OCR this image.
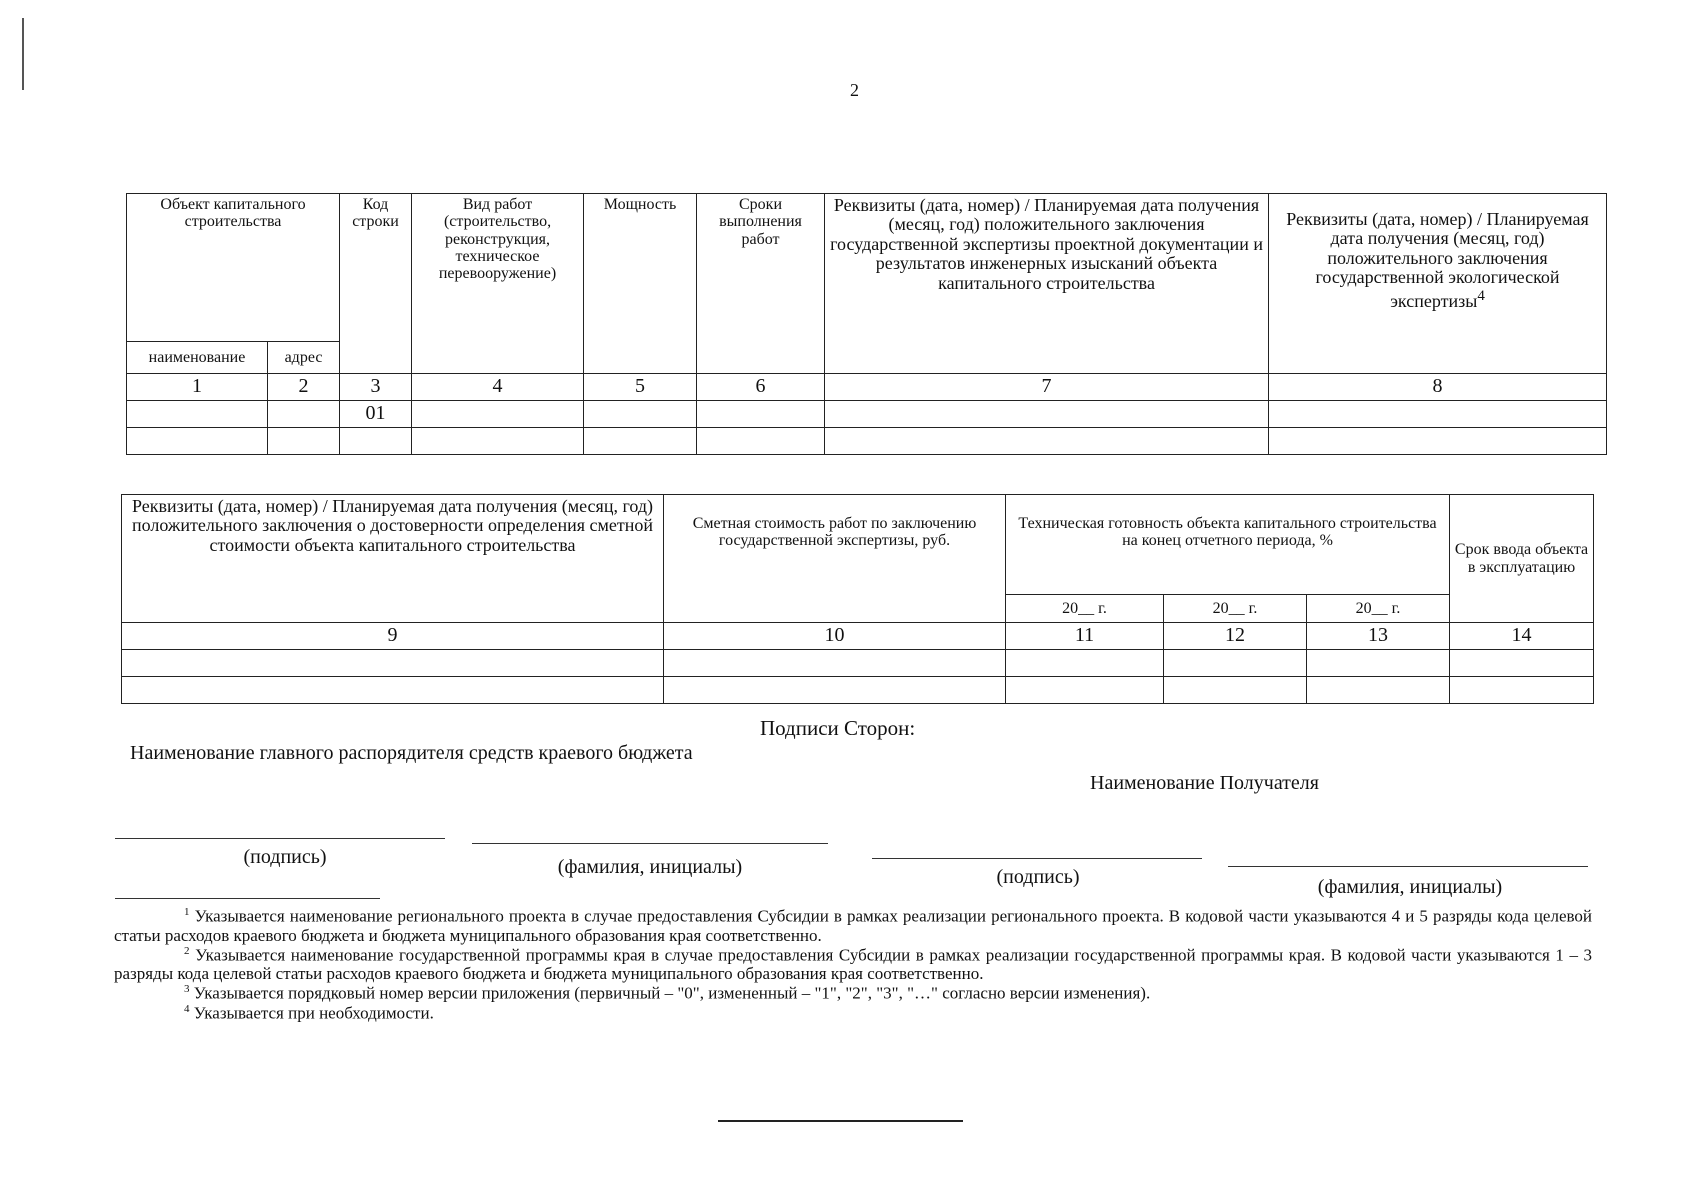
2
Объект капитального строительства		Код строки	Вид работ (строительство, реконструкция, техническое перевооружение)	Мощность	Сроки выполнения работ	Реквизиты (дата, номер) / Планируемая дата получения (месяц, год) положительного заключения государственной экспертизы проектной документации и результатов инженерных изысканий объекта капитального строительства	Реквизиты (дата, номер) / Планируемая дата получения (месяц, год) положительного заключения государственной экологической экспертизы$^4$
наименование	адрес						
1	2	3	4	5	6	7	8
		01					

Реквизиты (дата, номер) / Планируемая дата получения (месяц, год) положительного заключения о достоверности определения сметной стоимости объекта капитального строительства	Сметная стоимость работ по заключению государственной экспертизы, руб.	Техническая готовность объекта капитального строительства на конец отчетного периода, %			Срок ввода объекта в эксплуатацию
		20__ г.	20__ г.	20__ г.	
9	10	11	12	13	14

Подписи Сторон:
Наименование главного распорядителя средств краевого бюджета
Наименование Получателя
(подпись)	(фамилия, инициалы)	(подпись)	(фамилия, инициалы)

$^1$ Указывается наименование регионального проекта в случае предоставления Субсидии в рамках реализации регионального проекта. В кодовой части указываются 4 и 5 разряды кода целевой статьи расходов краевого бюджета и бюджета муниципального образования края соответственно.

$^2$ Указывается наименование государственной программы края в случае предоставления Субсидии в рамках реализации государственной программы края. В кодовой части указываются 1 – 3 разряды кода целевой статьи расходов краевого бюджета и бюджета муниципального образования края соответственно.

$^3$ Указывается порядковый номер версии приложения (первичный – "0", измененный – "1", "2", "3", "…" согласно версии изменения).

$^4$ Указывается при необходимости.
